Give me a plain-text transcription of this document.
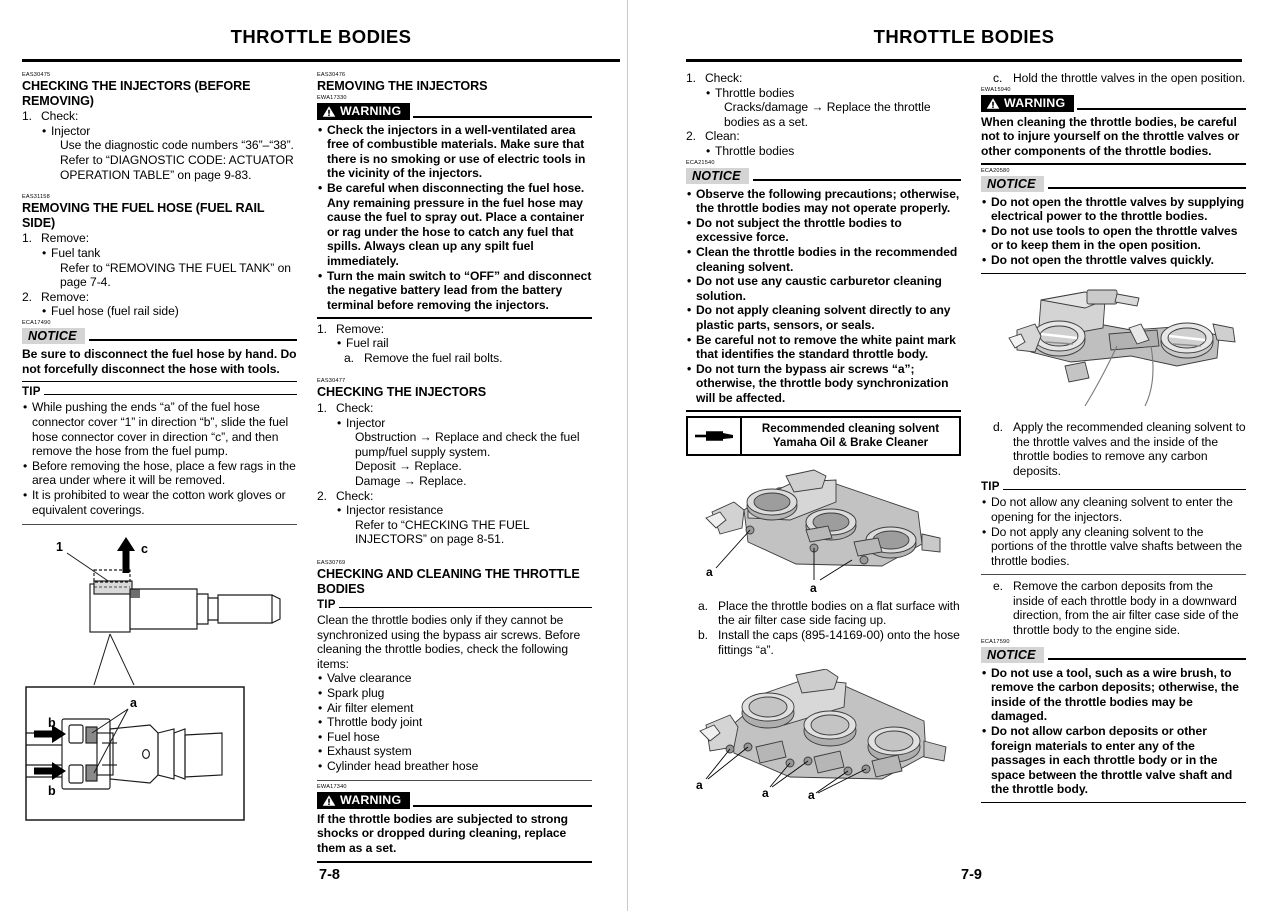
THROTTLE BODIES
EAS30475
CHECKING THE INJECTORS (BEFORE REMOVING)
1. Check:
• Injector
Use the diagnostic code numbers “36”–“38”.
Refer to “DIAGNOSTIC CODE: ACTUATOR OPERATION TABLE” on page 9-83.
EAS31158
REMOVING THE FUEL HOSE (FUEL RAIL SIDE)
1. Remove:
• Fuel tank
Refer to “REMOVING THE FUEL TANK” on page 7-4.
2. Remove:
• Fuel hose (fuel rail side)
ECA17490
NOTICE
Be sure to disconnect the fuel hose by hand. Do not forcefully disconnect the hose with tools.
TIP
• While pushing the ends “a” of the fuel hose connector cover “1” in direction “b”, slide the fuel hose connector cover in direction “c”, and then remove the hose from the fuel pump.
• Before removing the hose, place a few rags in the area under where it will be removed.
• It is prohibited to wear the cotton work gloves or equivalent coverings.
1	c
a
b
b
EAS30476
REMOVING THE INJECTORS
EWA17330
WARNING
• Check the injectors in a well-ventilated area free of combustible materials. Make sure that there is no smoking or use of electric tools in the vicinity of the injectors.
• Be careful when disconnecting the fuel hose. Any remaining pressure in the fuel hose may cause the fuel to spray out. Place a container or rag under the hose to catch any fuel that spills. Always clean up any spilt fuel immediately.
• Turn the main switch to “OFF” and disconnect the negative battery lead from the battery terminal before removing the injectors.
1. Remove:
• Fuel rail
a. Remove the fuel rail bolts.
EAS30477
CHECKING THE INJECTORS
1. Check:
• Injector
Obstruction → Replace and check the fuel pump/fuel supply system.
Deposit → Replace.
Damage → Replace.
2. Check:
• Injector resistance
Refer to “CHECKING THE FUEL INJECTORS” on page 8-51.
EAS30769
CHECKING AND CLEANING THE THROTTLE BODIES
TIP
Clean the throttle bodies only if they cannot be synchronized using the bypass air screws. Before cleaning the throttle bodies, check the following items:
• Valve clearance
• Spark plug
• Air filter element
• Throttle body joint
• Fuel hose
• Exhaust system
• Cylinder head breather hose
EWA17340
WARNING
If the throttle bodies are subjected to strong shocks or dropped during cleaning, replace them as a set.
7-8
THROTTLE BODIES
1. Check:
• Throttle bodies
Cracks/damage → Replace the throttle bodies as a set.
2. Clean:
• Throttle bodies
ECA21540
NOTICE
• Observe the following precautions; otherwise, the throttle bodies may not operate properly.
• Do not subject the throttle bodies to excessive force.
• Clean the throttle bodies in the recommended cleaning solvent.
• Do not use any caustic carburetor cleaning solution.
• Do not apply cleaning solvent directly to any plastic parts, sensors, or seals.
• Be careful not to remove the white paint mark that identifies the standard throttle body.
• Do not turn the bypass air screws “a”; otherwise, the throttle body synchronization will be affected.
Recommended cleaning solvent
Yamaha Oil & Brake Cleaner
a
a
a. Place the throttle bodies on a flat surface with the air filter case side facing up.
b. Install the caps (895-14169-00) onto the hose fittings “a”.
a
a	a
c. Hold the throttle valves in the open position.
EWA15940
WARNING
When cleaning the throttle bodies, be careful not to injure yourself on the throttle valves or other components of the throttle bodies.
ECA20580
NOTICE
• Do not open the throttle valves by supplying electrical power to the throttle bodies.
• Do not use tools to open the throttle valves or to keep them in the open position.
• Do not open the throttle valves quickly.
d. Apply the recommended cleaning solvent to the throttle valves and the inside of the throttle bodies to remove any carbon deposits.
TIP
• Do not allow any cleaning solvent to enter the opening for the injectors.
• Do not apply any cleaning solvent to the portions of the throttle valve shafts between the throttle bodies.
e. Remove the carbon deposits from the inside of each throttle body in a downward direction, from the air filter case side of the throttle body to the engine side.
ECA17590
NOTICE
• Do not use a tool, such as a wire brush, to remove the carbon deposits; otherwise, the inside of the throttle bodies may be damaged.
• Do not allow carbon deposits or other foreign materials to enter any of the passages in each throttle body or in the space between the throttle valve shaft and the throttle body.
7-9
